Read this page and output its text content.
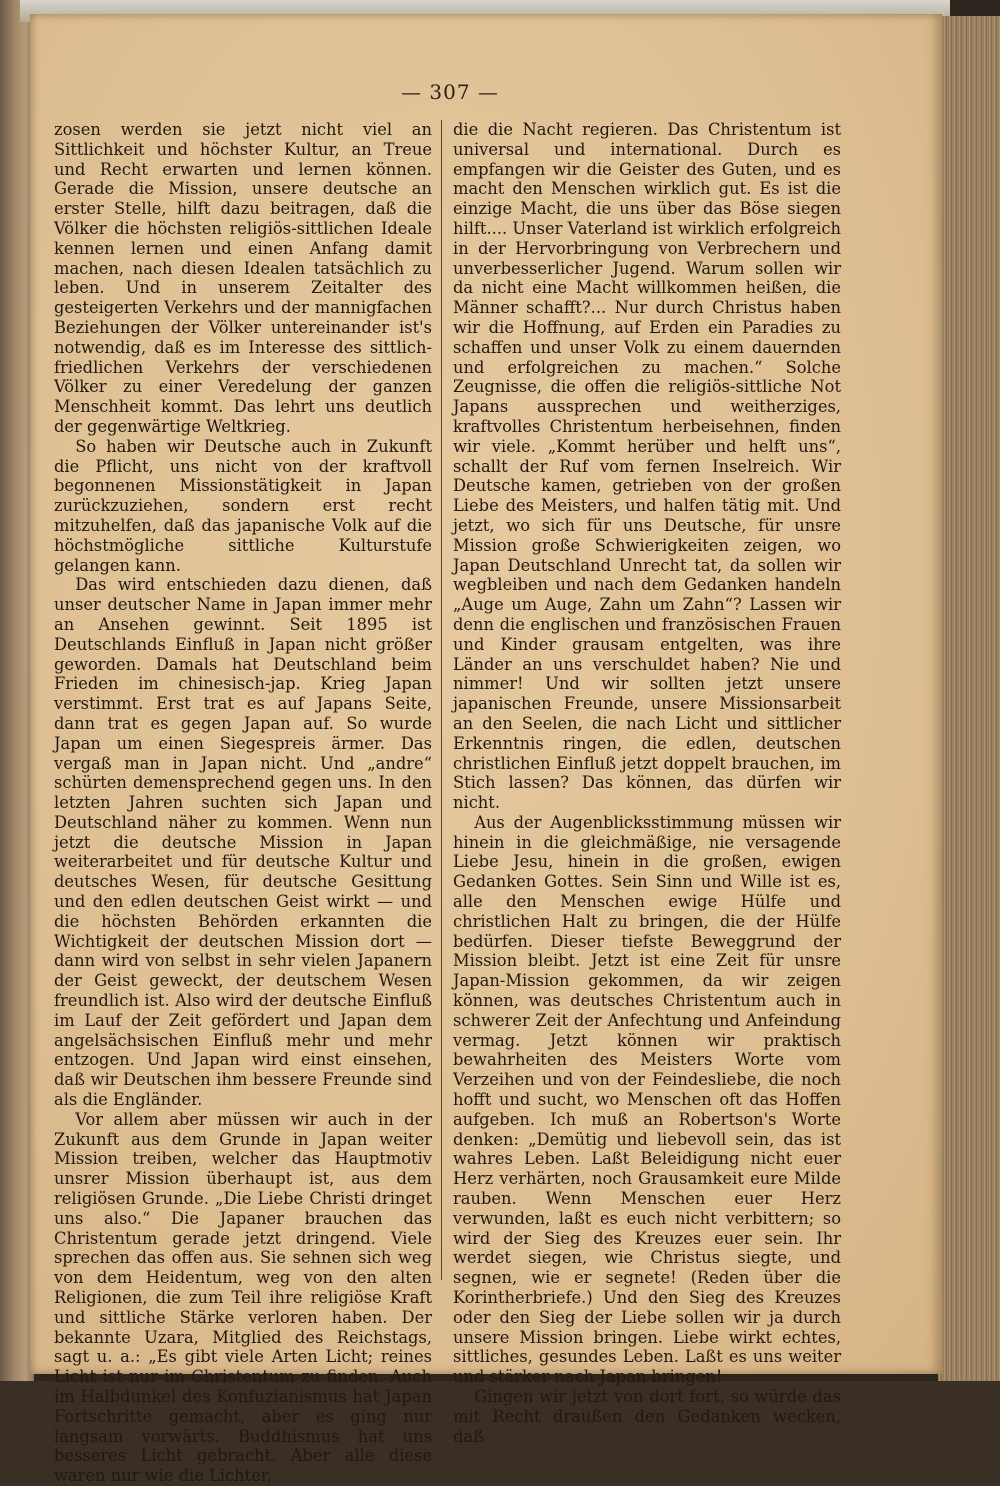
— 307 —

zosen werden sie jetzt nicht viel an Sittlichkeit und höchster Kultur, an Treue und Recht erwarten und lernen können. Gerade die Mission, unsere deutsche an erster Stelle, hilft dazu beitragen, daß die Völker die höchsten religiös-sittlichen Ideale kennen lernen und einen Anfang damit machen, nach diesen Idealen tatsächlich zu leben. Und in unserem Zeitalter des gesteigerten Verkehrs und der mannigfachen Beziehungen der Völker untereinander ist's notwendig, daß es im Interesse des sittlich-friedlichen Verkehrs der verschiedenen Völker zu einer Veredelung der ganzen Menschheit kommt. Das lehrt uns deutlich der gegenwärtige Weltkrieg.

So haben wir Deutsche auch in Zukunft die Pflicht, uns nicht von der kraftvoll begonnenen Missionstätigkeit in Japan zurückzuziehen, sondern erst recht mitzuhelfen, daß das japanische Volk auf die höchstmögliche sittliche Kulturstufe gelangen kann.

Das wird entschieden dazu dienen, daß unser deutscher Name in Japan immer mehr an Ansehen gewinnt. Seit 1895 ist Deutschlands Einfluß in Japan nicht größer geworden. Damals hat Deutschland beim Frieden im chinesisch-jap. Krieg Japan verstimmt. Erst trat es auf Japans Seite, dann trat es gegen Japan auf. So wurde Japan um einen Siegespreis ärmer. Das vergaß man in Japan nicht. Und „andre“ schürten demensprechend gegen uns. In den letzten Jahren suchten sich Japan und Deutschland näher zu kommen. Wenn nun jetzt die deutsche Mission in Japan weiterarbeitet und für deutsche Kultur und deutsches Wesen, für deutsche Gesittung und den edlen deutschen Geist wirkt — und die höchsten Behörden erkannten die Wichtigkeit der deutschen Mission dort — dann wird von selbst in sehr vielen Japanern der Geist geweckt, der deutschem Wesen freundlich ist. Also wird der deutsche Einfluß im Lauf der Zeit gefördert und Japan dem angelsächsischen Einfluß mehr und mehr entzogen. Und Japan wird einst einsehen, daß wir Deutschen ihm bessere Freunde sind als die Engländer.

Vor allem aber müssen wir auch in der Zukunft aus dem Grunde in Japan weiter Mission treiben, welcher das Hauptmotiv unsrer Mission überhaupt ist, aus dem religiösen Grunde. „Die Liebe Christi dringet uns also.“ Die Japaner brauchen das Christentum gerade jetzt dringend. Viele sprechen das offen aus. Sie sehnen sich weg von dem Heidentum, weg von den alten Religionen, die zum Teil ihre religiöse Kraft und sittliche Stärke verloren haben. Der bekannte Uzara, Mitglied des Reichstags, sagt u. a.: „Es gibt viele Arten Licht; reines Licht ist nur im Christentum zu finden. Auch im Halbdunkel des Konfuzianismus hat Japan Fortschritte gemacht, aber es ging nur langsam vorwärts. Buddhismus hat uns besseres Licht gebracht. Aber alle diese waren nur wie die Lichter,

die die Nacht regieren. Das Christentum ist universal und international. Durch es empfangen wir die Geister des Guten, und es macht den Menschen wirklich gut. Es ist die einzige Macht, die uns über das Böse siegen hilft.... Unser Vaterland ist wirklich erfolgreich in der Hervorbringung von Verbrechern und unverbesserlicher Jugend. Warum sollen wir da nicht eine Macht willkommen heißen, die Männer schafft?... Nur durch Christus haben wir die Hoffnung, auf Erden ein Paradies zu schaffen und unser Volk zu einem dauernden und erfolgreichen zu machen.“ Solche Zeugnisse, die offen die religiös-sittliche Not Japans aussprechen und weitherziges, kraftvolles Christentum herbeisehnen, finden wir viele. „Kommt herüber und helft uns“, schallt der Ruf vom fernen Inselreich. Wir Deutsche kamen, getrieben von der großen Liebe des Meisters, und halfen tätig mit. Und jetzt, wo sich für uns Deutsche, für unsre Mission große Schwierigkeiten zeigen, wo Japan Deutschland Unrecht tat, da sollen wir wegbleiben und nach dem Gedanken handeln „Auge um Auge, Zahn um Zahn“? Lassen wir denn die englischen und französischen Frauen und Kinder grausam entgelten, was ihre Länder an uns verschuldet haben? Nie und nimmer! Und wir sollten jetzt unsere japanischen Freunde, unsere Missionsarbeit an den Seelen, die nach Licht und sittlicher Erkenntnis ringen, die edlen, deutschen christlichen Einfluß jetzt doppelt brauchen, im Stich lassen? Das können, das dürfen wir nicht.

Aus der Augenblicksstimmung müssen wir hinein in die gleichmäßige, nie versagende Liebe Jesu, hinein in die großen, ewigen Gedanken Gottes. Sein Sinn und Wille ist es, alle den Menschen ewige Hülfe und christlichen Halt zu bringen, die der Hülfe bedürfen. Dieser tiefste Beweggrund der Mission bleibt. Jetzt ist eine Zeit für unsre Japan-Mission gekommen, da wir zeigen können, was deutsches Christentum auch in schwerer Zeit der Anfechtung und Anfeindung vermag. Jetzt können wir praktisch bewahrheiten des Meisters Worte vom Verzeihen und von der Feindesliebe, die noch hofft und sucht, wo Menschen oft das Hoffen aufgeben. Ich muß an Robertson's Worte denken: „Demütig und liebevoll sein, das ist wahres Leben. Laßt Beleidigung nicht euer Herz verhärten, noch Grausamkeit eure Milde rauben. Wenn Menschen euer Herz verwunden, laßt es euch nicht verbittern; so wird der Sieg des Kreuzes euer sein. Ihr werdet siegen, wie Christus siegte, und segnen, wie er segnete! (Reden über die Korintherbriefe.) Und den Sieg des Kreuzes oder den Sieg der Liebe sollen wir ja durch unsere Mission bringen. Liebe wirkt echtes, sittliches, gesundes Leben. Laßt es uns weiter und stärker nach Japan bringen!

Gingen wir jetzt von dort fort, so würde das mit Recht draußen den Gedanken wecken, daß
